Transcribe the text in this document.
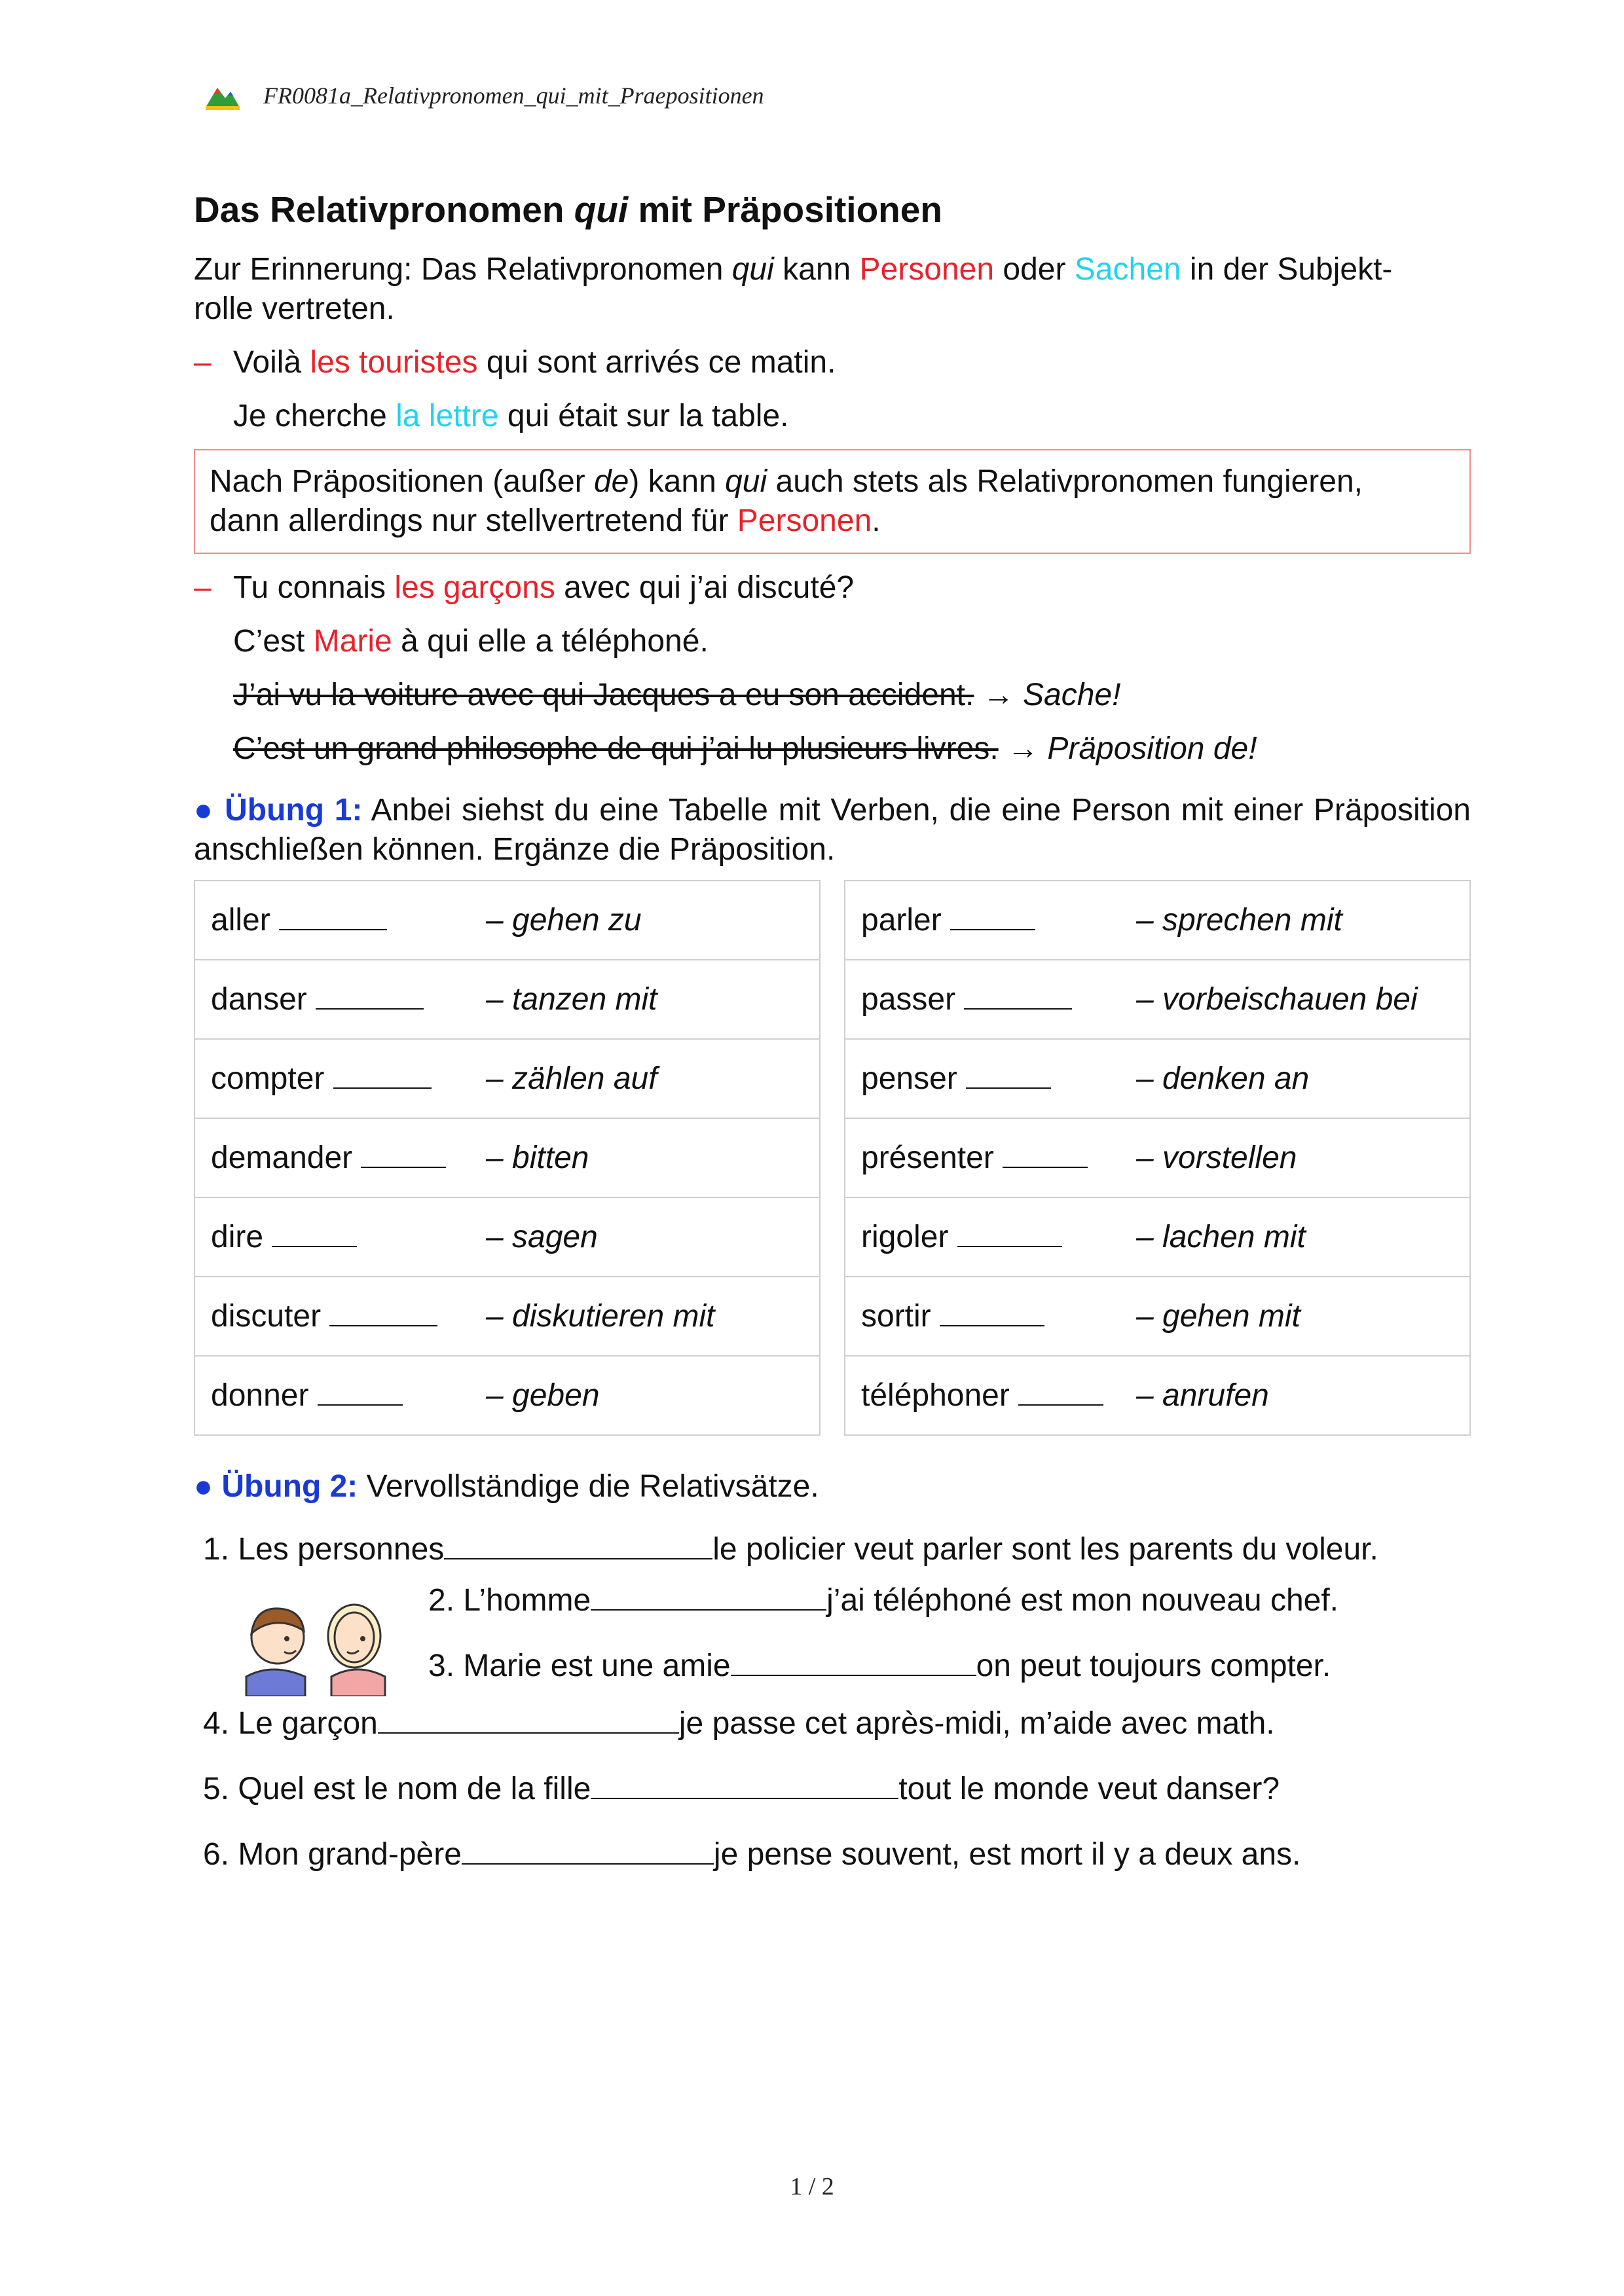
FR0081a_Relativpronomen_qui_mit_Praepositionen
Das Relativpronomen qui mit Präpositionen

Zur Erinnerung: Das Relativpronomen qui kann Personen oder Sachen in der Subjekt-
rolle vertreten.

– Voilà les touristes qui sont arrivés ce matin.
Je cherche la lettre qui était sur la table.
Nach Präpositionen (außer de) kann qui auch stets als Relativpronomen fungieren,
dann allerdings nur stellvertretend für Personen.
– Tu connais les garçons avec qui j’ai discuté?
C’est Marie à qui elle a téléphoné.
J’ai vu la voiture avec qui Jacques a eu son accident. → Sache!
C’est un grand philosophe de qui j’ai lu plusieurs livres. → Präposition de!

● Übung 1: Anbei siehst du eine Tabelle mit Verben, die eine Person mit einer Präposition anschließen können. Ergänze die Präposition.

aller	– gehen zu
danser	– tanzen mit
compter	– zählen auf
demander	– bitten
dire	– sagen
discuter	– diskutieren mit
donner	– geben
parler	– sprechen mit
passer	– vorbeischauen bei
penser	– denken an
présenter	– vorstellen
rigoler	– lachen mit
sortir	– gehen mit
téléphoner	– anrufen

● Übung 2: Vervollständige die Relativsätze.

1.
Les personnes	le policier veut parler sont les parents du voleur.
2.
L’homme	j’ai téléphoné est mon nouveau chef.
3.
Marie est une amie	on peut toujours compter.
4.
Le garçon	je passe cet après-midi, m’aide avec math.
5.
Quel est le nom de la fille	tout le monde veut danser?
6.
Mon grand-père	je pense souvent, est mort il y a deux ans.
1 / 2
